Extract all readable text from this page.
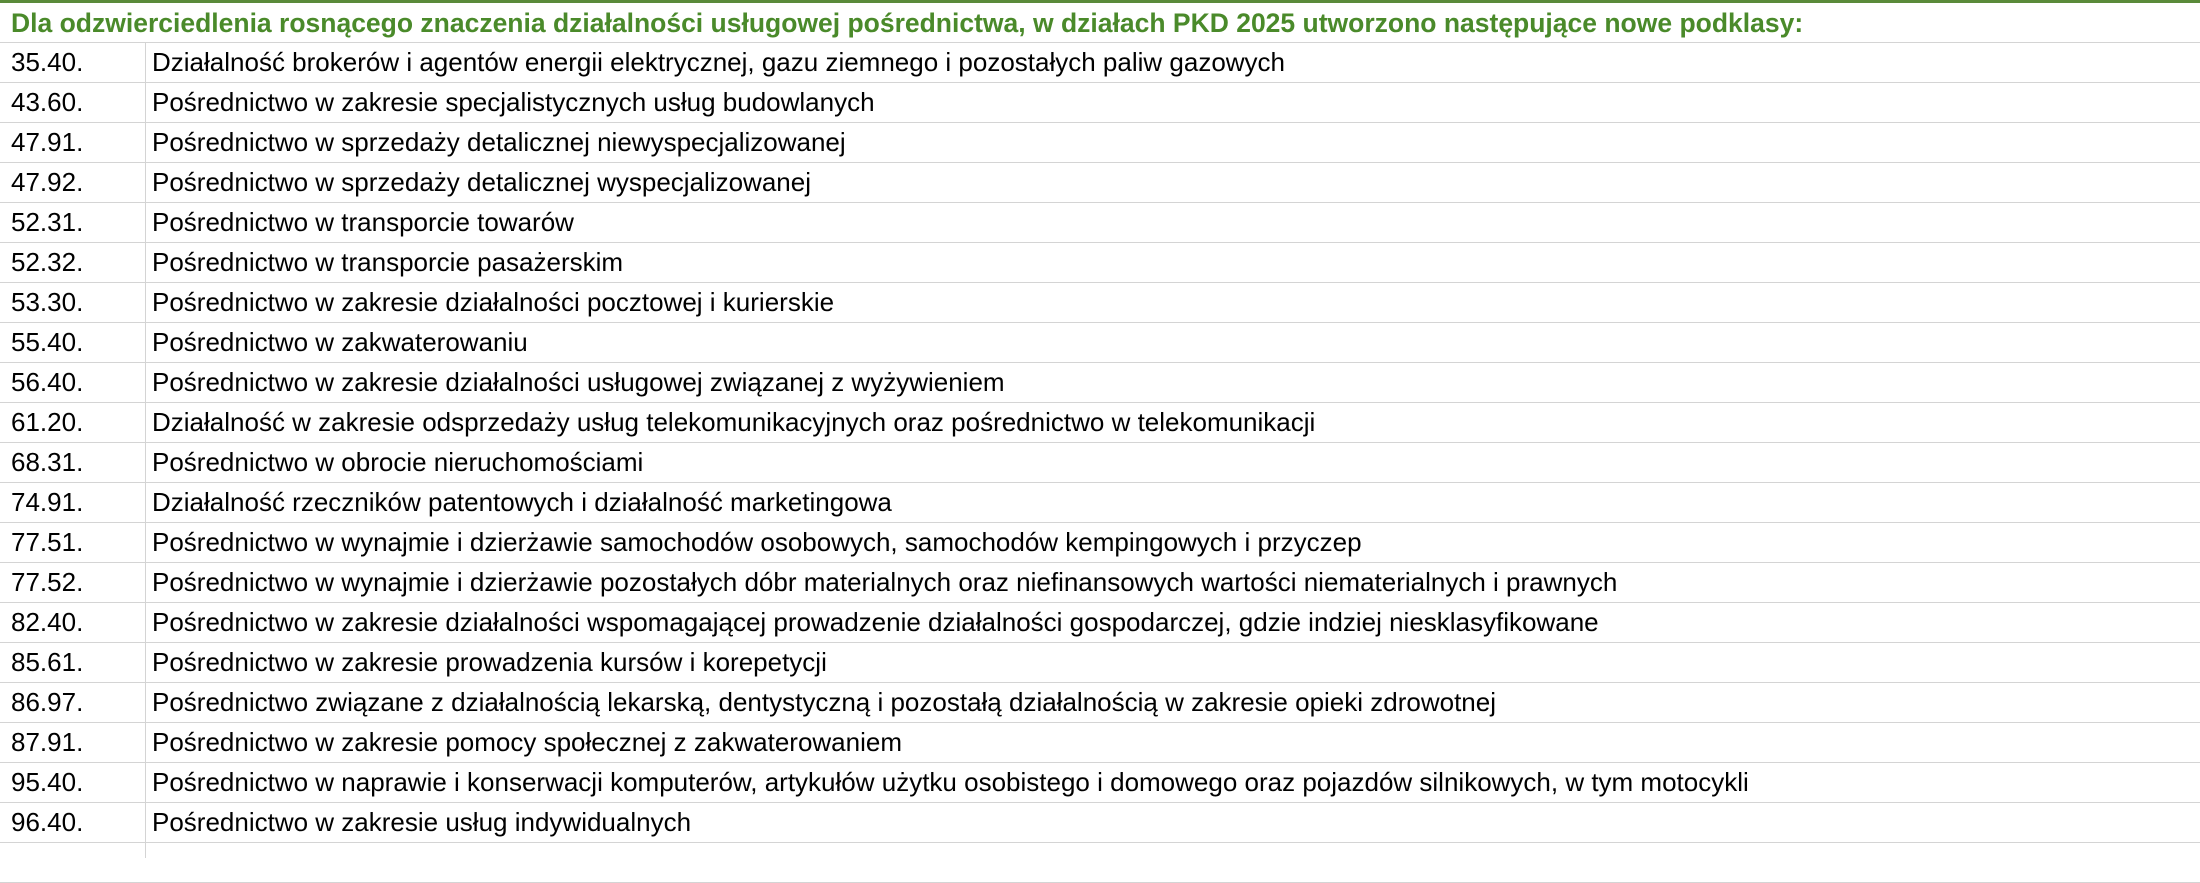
Dla odzwierciedlenia rosnącego znaczenia działalności usługowej pośrednictwa, w działach PKD 2025 utworzono następujące nowe podklasy:
35.40.	Działalność brokerów i agentów energii elektrycznej, gazu ziemnego i pozostałych paliw gazowych
43.60.	Pośrednictwo w zakresie specjalistycznych usług budowlanych
47.91.	Pośrednictwo w sprzedaży detalicznej niewyspecjalizowanej
47.92.	Pośrednictwo w sprzedaży detalicznej wyspecjalizowanej
52.31.	Pośrednictwo w transporcie towarów
52.32.	Pośrednictwo w transporcie pasażerskim
53.30.	Pośrednictwo w zakresie działalności pocztowej i kurierskie
55.40.	Pośrednictwo w zakwaterowaniu
56.40.	Pośrednictwo w zakresie działalności usługowej związanej z wyżywieniem
61.20.	Działalność w zakresie odsprzedaży usług telekomunikacyjnych oraz pośrednictwo w telekomunikacji
68.31.	Pośrednictwo w obrocie nieruchomościami
74.91.	Działalność rzeczników patentowych i działalność marketingowa
77.51.	Pośrednictwo w wynajmie i dzierżawie samochodów osobowych, samochodów kempingowych i przyczep
77.52.	Pośrednictwo w wynajmie i dzierżawie pozostałych dóbr materialnych oraz niefinansowych wartości niematerialnych i prawnych
82.40.	Pośrednictwo w zakresie działalności wspomagającej prowadzenie działalności gospodarczej, gdzie indziej niesklasyfikowane
85.61.	Pośrednictwo w zakresie prowadzenia kursów i korepetycji
86.97.	Pośrednictwo związane z działalnością lekarską, dentystyczną i pozostałą działalnością w zakresie opieki zdrowotnej
87.91.	Pośrednictwo w zakresie pomocy społecznej z zakwaterowaniem
95.40.	Pośrednictwo w naprawie i konserwacji komputerów, artykułów użytku osobistego i domowego oraz pojazdów silnikowych, w tym motocykli
96.40.	Pośrednictwo w zakresie usług indywidualnych
